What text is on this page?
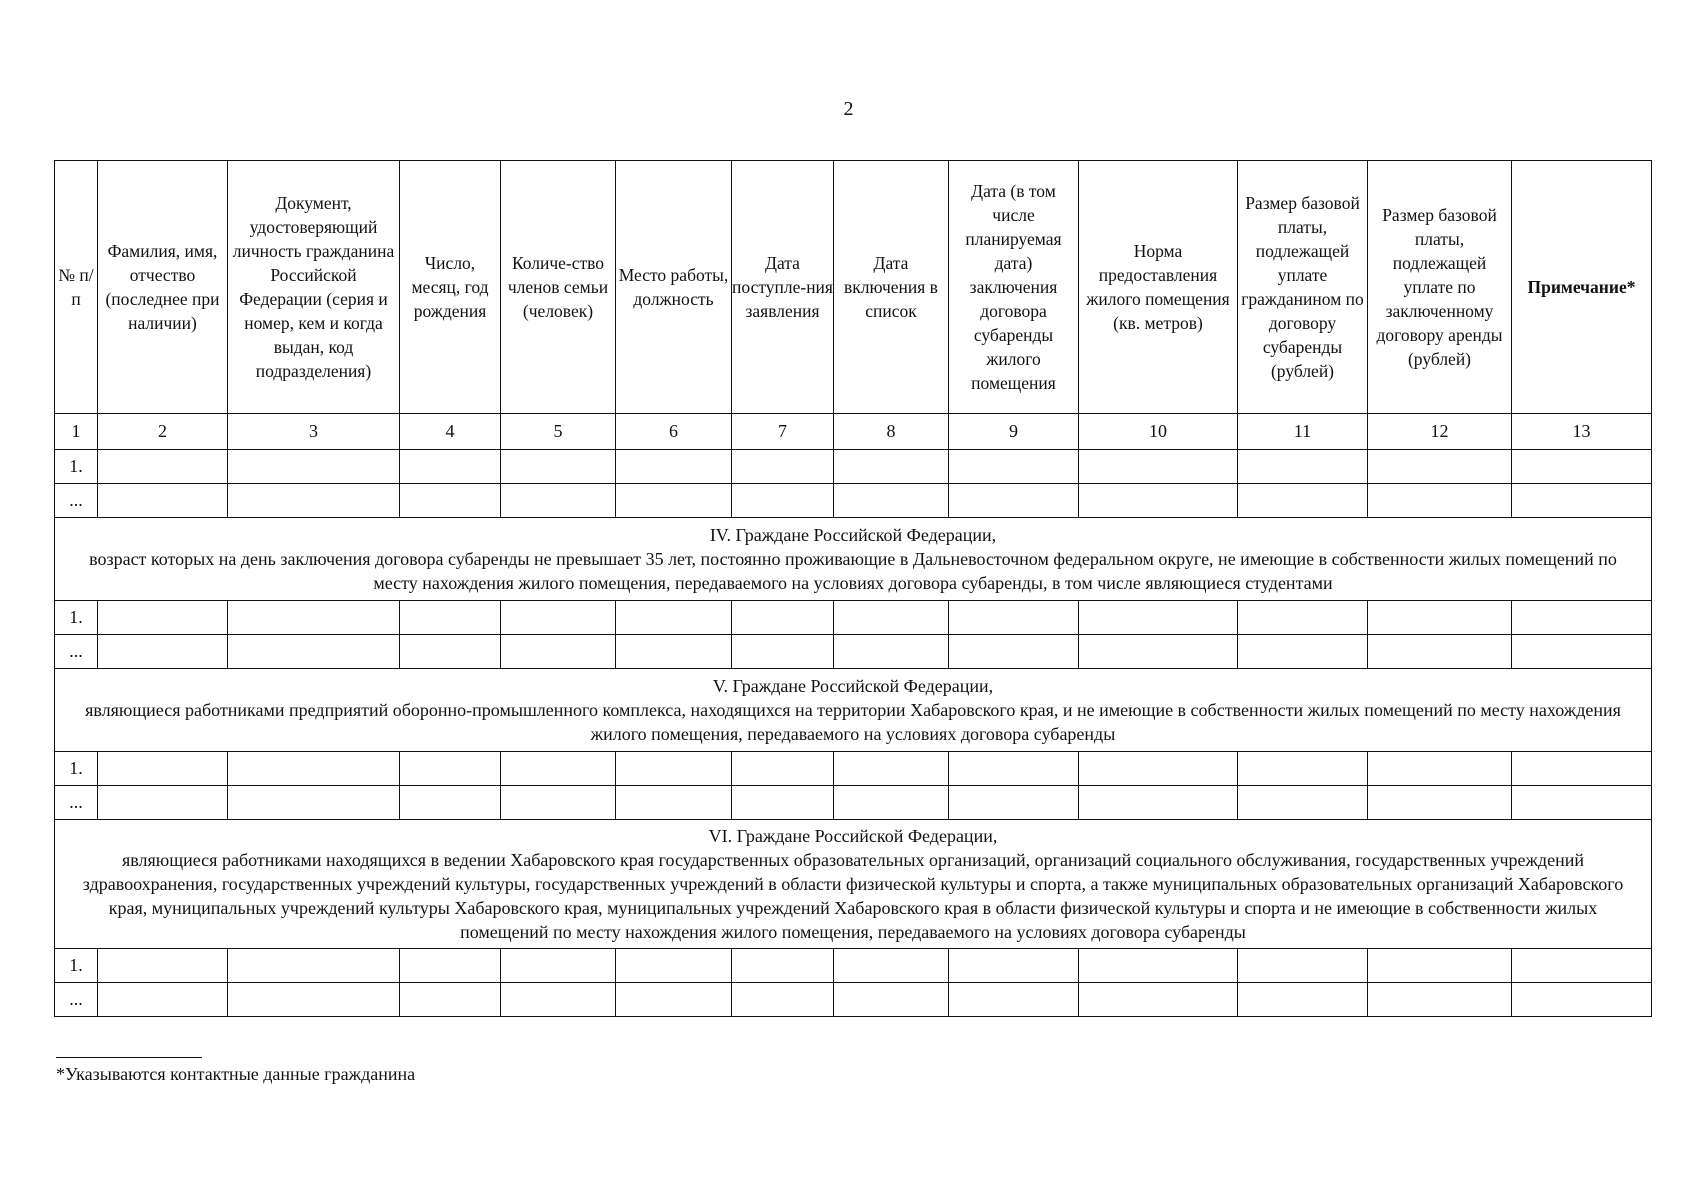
2
№ п/п	Фамилия, имя, отчество (последнее при наличии)	Документ, удостоверяющий личность гражданина Российской Федерации (серия и номер, кем и когда выдан, код подразделения)	Число, месяц, год рождения	Количе-ство членов семьи (человек)	Место работы, должность	Дата поступле-ния заявления	Дата включения в список	Дата (в том числе планируемая дата) заключения договора субаренды жилого помещения	Норма предоставления жилого помещения (кв. метров)	Размер базовой платы, подлежащей уплате гражданином по договору субаренды (рублей)	Размер базовой платы, подлежащей уплате по заключенному договору аренды (рублей)	Примечание*
1	2	3	4	5	6	7	8	9	10	11	12	13
1.												
...												

IV. Граждане Российской Федерации,
возраст которых на день заключения договора субаренды не превышает 35 лет, постоянно проживающие в Дальневосточном федеральном округе, не имеющие в собственности жилых помещений по месту нахождения жилого помещения, передаваемого на условиях договора субаренды, в том числе являющиеся студентами												

1.												
...												

V. Граждане Российской Федерации,
являющиеся работниками предприятий оборонно-промышленного комплекса, находящихся на территории Хабаровского края, и не имеющие в собственности жилых помещений по месту нахождения жилого помещения, передаваемого на условиях договора субаренды												

1.												
...												

VI. Граждане Российской Федерации,
являющиеся работниками находящихся в ведении Хабаровского края государственных образовательных организаций, организаций социального обслуживания, государственных учреждений здравоохранения, государственных учреждений культуры, государственных учреждений в области физической культуры и спорта, а также муниципальных образовательных организаций Хабаровского края, муниципальных учреждений культуры Хабаровского края, муниципальных учреждений Хабаровского края в области физической культуры и спорта и не имеющие в собственности жилых помещений по месту нахождения жилого помещения, передаваемого на условиях договора субаренды												

1.												
...												
*Указываются контактные данные гражданина
